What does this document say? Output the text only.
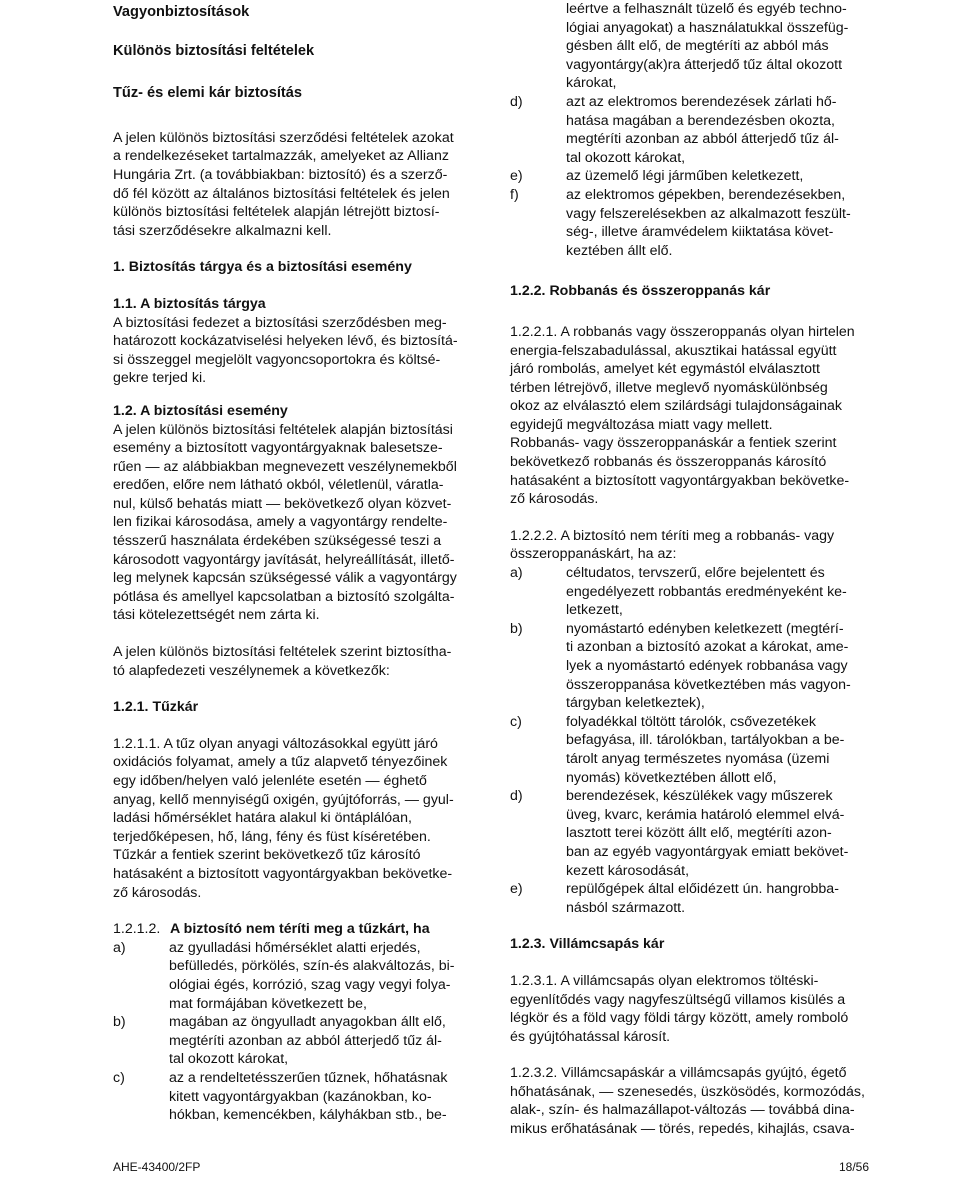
Vagyonbiztosítások
Különös biztosítási feltételek
Tűz- és elemi kár biztosítás
A jelen különös biztosítási szerződési feltételek azokat
a rendelkezéseket tartalmazzák, amelyeket az Allianz
Hungária Zrt. (a továbbiakban: biztosító) és a szerző-
dő fél között az általános biztosítási feltételek és jelen
különös biztosítási feltételek alapján létrejött biztosí-
tási szerződésekre alkalmazni kell.
1. Biztosítás tárgya és a biztosítási esemény
1.1. A biztosítás tárgya
A biztosítási fedezet a biztosítási szerződésben meg-
határozott kockázatviselési helyeken lévő, és biztosítá-
si összeggel megjelölt vagyoncsoportokra és költsé-
gekre terjed ki.
1.2. A biztosítási esemény
A jelen különös biztosítási feltételek alapján biztosítási
esemény a biztosított vagyontárgyaknak balesetsze-
rűen — az alábbiakban megnevezett veszélynemekből
eredően, előre nem látható okból, véletlenül, váratla-
nul, külső behatás miatt — bekövetkező olyan közvet-
len fizikai károsodása, amely a vagyontárgy rendelte-
tésszerű használata érdekében szükségessé teszi a
károsodott vagyontárgy javítását, helyreállítását, illető-
leg melynek kapcsán szükségessé válik a vagyontárgy
pótlása és amellyel kapcsolatban a biztosító szolgálta-
tási kötelezettségét nem zárta ki.
A jelen különös biztosítási feltételek szerint biztosítha-
tó alapfedezeti veszélynemek a következők:
1.2.1. Tűzkár
1.2.1.1. A tűz olyan anyagi változásokkal együtt járó
oxidációs folyamat, amely a tűz alapvető tényezőinek
egy időben/helyen való jelenléte esetén — éghető
anyag, kellő mennyiségű oxigén, gyújtóforrás, — gyul-
ladási hőmérséklet határa alakul ki öntáplálóan,
terjedőképesen, hő, láng, fény és füst kíséretében.
Tűzkár a fentiek szerint bekövetkező tűz károsító
hatásaként a biztosított vagyontárgyakban bekövetke-
ző károsodás.
1.2.1.2. A biztosító nem téríti meg a tűzkárt, ha
a)	az gyulladási hőmérséklet alatti erjedés,
befülledés, pörkölés, szín-és alakváltozás, bi-
ológiai égés, korrózió, szag vagy vegyi folya-
mat formájában következett be,
b)	magában az öngyulladt anyagokban állt elő,
megtéríti azonban az abból átterjedő tűz ál-
tal okozott károkat,
c)	az a rendeltetésszerűen tűznek, hőhatásnak
kitett vagyontárgyakban (kazánokban, ko-
hókban, kemencékben, kályhákban stb., be-
leértve a felhasznált tüzelő és egyéb techno-
lógiai anyagokat) a használatukkal összefüg-
gésben állt elő, de megtéríti az abból más
vagyontárgy(ak)ra átterjedő tűz által okozott
károkat,
d)	azt az elektromos berendezések zárlati hő-
hatása magában a berendezésben okozta,
megtéríti azonban az abból átterjedő tűz ál-
tal okozott károkat,
e)	az üzemelő légi járműben keletkezett,
f)	az elektromos gépekben, berendezésekben,
vagy felszerelésekben az alkalmazott feszült-
ség-, illetve áramvédelem kiiktatása követ-
keztében állt elő.
1.2.2. Robbanás és összeroppanás kár
1.2.2.1. A robbanás vagy összeroppanás olyan hirtelen
energia-felszabadulással, akusztikai hatással együtt
járó rombolás, amelyet két egymástól elválasztott
térben létrejövő, illetve meglevő nyomáskülönbség
okoz az elválasztó elem szilárdsági tulajdonságainak
egyidejű megváltozása miatt vagy mellett.
Robbanás- vagy összeroppanáskár a fentiek szerint
bekövetkező robbanás és összeroppanás károsító
hatásaként a biztosított vagyontárgyakban bekövetke-
ző károsodás.
1.2.2.2. A biztosító nem téríti meg a robbanás- vagy
összeroppanáskárt, ha az:
a)	céltudatos, tervszerű, előre bejelentett és
engedélyezett robbantás eredményeként ke-
letkezett,
b)	nyomástartó edényben keletkezett (megtérí-
ti azonban a biztosító azokat a károkat, ame-
lyek a nyomástartó edények robbanása vagy
összeroppanása következtében más vagyon-
tárgyban keletkeztek),
c)	folyadékkal töltött tárolók, csővezetékek
befagyása, ill. tárolókban, tartályokban a be-
tárolt anyag természetes nyomása (üzemi
nyomás) következtében állott elő,
d)	berendezések, készülékek vagy műszerek
üveg, kvarc, kerámia határoló elemmel elvá-
lasztott terei között állt elő, megtéríti azon-
ban az egyéb vagyontárgyak emiatt bekövet-
kezett károsodását,
e)	repülőgépek által előidézett ún. hangrobba-
násból származott.
1.2.3. Villámcsapás kár
1.2.3.1. A villámcsapás olyan elektromos töltéski-
egyenlítődés vagy nagyfeszültségű villamos kisülés a
légkör és a föld vagy földi tárgy között, amely romboló
és gyújtóhatással károsít.
1.2.3.2. Villámcsapáskár a villámcsapás gyújtó, égető
hőhatásának, — szenesedés, üszkösödés, kormozódás,
alak-, szín- és halmazállapot-változás — továbbá dina-
mikus erőhatásának — törés, repedés, kihajlás, csava-
AHE-43400/2FP	18/56
